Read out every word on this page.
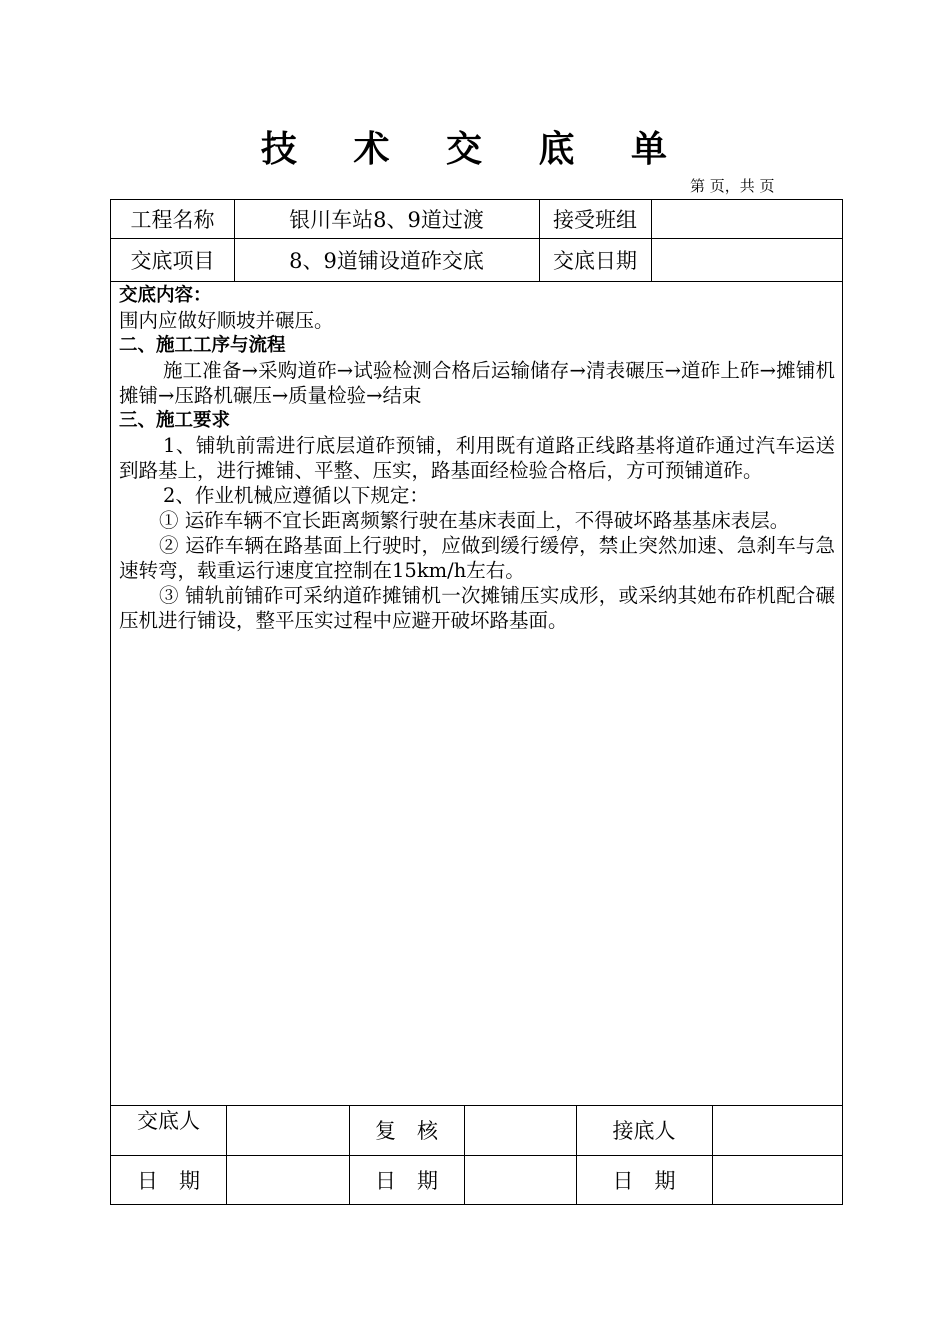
技 术 交 底 单
第 页，共 页
工程名称	银川车站8、9道过渡	接受班组
交底项目	8、9道铺设道砟交底	交底日期

交底内容：

围内应做好顺坡并碾压。

二、施工工序与流程

施工准备→采购道砟→试验检测合格后运输储存→清表碾压→道砟上砟→摊铺机摊铺→压路机碾压→质量检验→结束

三、施工要求

1、铺轨前需进行底层道砟预铺，利用既有道路正线路基将道砟通过汽车运送到路基上，进行摊铺、平整、压实，路基面经检验合格后，方可预铺道砟。

2、作业机械应遵循以下规定：

① 运砟车辆不宜长距离频繁行驶在基床表面上，不得破坏路基基床表层。

② 运砟车辆在路基面上行驶时，应做到缓行缓停，禁止突然加速、急刹车与急速转弯，载重运行速度宜控制在15km/h左右。

③ 铺轨前铺砟可采纳道砟摊铺机一次摊铺压实成形，或采纳其她布砟机配合碾压机进行铺设，整平压实过程中应避开破坏路基面。

交底人	复　核	接底人
日　期	日　期	日　期
